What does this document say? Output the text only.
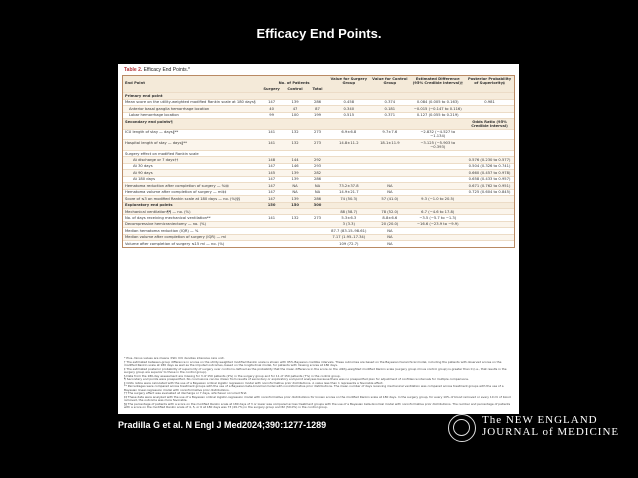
Efficacy End Points.
Table 2. Efficacy End Points.*
End Point	No. of Patients			Value for Surgery Group	Value for Control Group	Estimated Difference (95% Credible Interval)†	Posterior Probability of Superiority‡
	Surgery	Control	Total				
Primary end point							
Mean score on the utility-weighted modified Rankin scale at 180 days§	147	139	286	0.458	0.374	0.084 (0.005 to 0.163)	0.981
Anterior basal ganglia hemorrhage location	40	47	87	0.340	0.181	−0.015 (−0.147 to 0.116)	
Lobar hemorrhage location	99	100	199	0.515	0.371	0.127 (0.055 to 0.219)	
Secondary end points¶							Odds Ratio (95% Credible Interval)
ICU length of stay — days‖**	141	132	273	6.9±6.8	9.7±7.6	−2.832 (−4.527 to −1.134)	
Hospital length of stay — days‖**	141	132	273	14.8±11.2	18.1±11.9	−3.125 (−5.903 to −0.393)	
Surgery effect on modified Rankin scale							
At discharge or 7 days††	148	144	292				0.576 (0.230 to 0.577)
At 30 days	147	146	293				0.504 (0.326 to 0.741)
At 90 days	145	139	282				0.660 (0.457 to 0.978)
At 180 days	147	139	286				0.658 (0.433 to 0.957)
Hematoma reduction after completion of surgery — %‡‡	147	NA	NA	73.2±37.8	NA		0.671 (0.762 to 0.951)
Hematoma volume after completion of surgery — ml‡‡	147	NA	NA	14.9±21.7	NA		0.725 (0.604 to 0.845)
Score of ≤3 on modified Rankin scale at 180 days — no. (%)§§	147	139	286	74 (50.3)	57 (41.0)	9.3 (−1.0 to 20.5)	
Exploratory end points	150	150	300				
Mechanical ventilation¶¶ — no. (%)				88 (58.7)	78 (52.0)	6.7 (−4.6 to 17.8)	
No. of days receiving mechanical ventilation**	141	132	273	5.3±6.3	8.8±6.6	−3.5 (−5.7 to −1.3)	
Decompressive hemicraniectomy — no. (%)				3 (3.3)	20 (20.0)	−16.6 (−23.9 to −9.9)	
Median hematoma reduction (IQR) — %				87.7 (83.15–98.61)	NA		
Median volume after completion of surgery (IQR) — ml				7.17 (1.95–17.34)	NA		
Volume after completion of surgery ≤15 ml — no. (%)				109 (72.7)	NA		
* Plus–minus values are means ±SD. ICU denotes intensive care unit.
† The estimated between-group difference in scores on the utility-weighted modified Rankin scale is shown with 95% Bayesian credible intervals. These outcomes are based on the Bayesian hierarchical model, including the patients with observed scores on the modified Rankin scale at 180 days as well as the imputed outcomes, based on the longitudinal model, for patients with missing scores at 180 days.
‡ The estimated posterior probability of superiority of surgery over control is defined as the probability that the mean difference in the score on the utility-weighted modified Rankin scale (surgery group minus control group) is greater than 0 (i.e., that results in the surgery group are superior to those in the control group).
§ Data from the 180-day assessment are missing for 3 of 150 patients (2%) in the surgery group and for 11 of 150 patients (7%) in the control group.
¶ Secondary end points were prespecified. No conclusions can be drawn from results of secondary or exploratory end-point analyses because there was no prespecified plan for adjustment of confidence intervals for multiple comparisons.
‖ Odds ratios were calculated with the use of a Bayesian ordinal logistic regression model with noninformative prior distributions. A value less than 1 represents a favorable effect.
** Percentages were compared across treatment groups with the use of a Bayesian beta-binomial model with noninformative prior distributions. The mean number of days receiving mechanical ventilation was compared across treatment groups with the use of a Bayesian linear-regression model with noninformative prior distributions.
†† The surgery effect was evaluated at discharge or 7 days, whichever occurred first.
‡‡ These data were analyzed with the use of a Bayesian ordinal logistic-regression model with noninformative prior distributions for known scores on the modified Rankin scale at 180 days. In the surgery group, for every 10% of blood removed or every 10 ml of blood removed, the outcome was more favorable.
§§ The percentage of patients with a score on the modified Rankin scale at 180 days of 3 or lower was compared across treatment groups with the use of a Bayesian beta-binomial model with noninformative prior distributions. The number and percentage of patients with a score on the modified Rankin scale of 4, 5, or 6 at 180 days was 73 (49.7%) in the surgery group and 82 (59.0%) in the control group.
Pradilla G et al. N Engl J Med2024;390:1277-1289	The NEW ENGLAND
JOURNAL of MEDICINE
